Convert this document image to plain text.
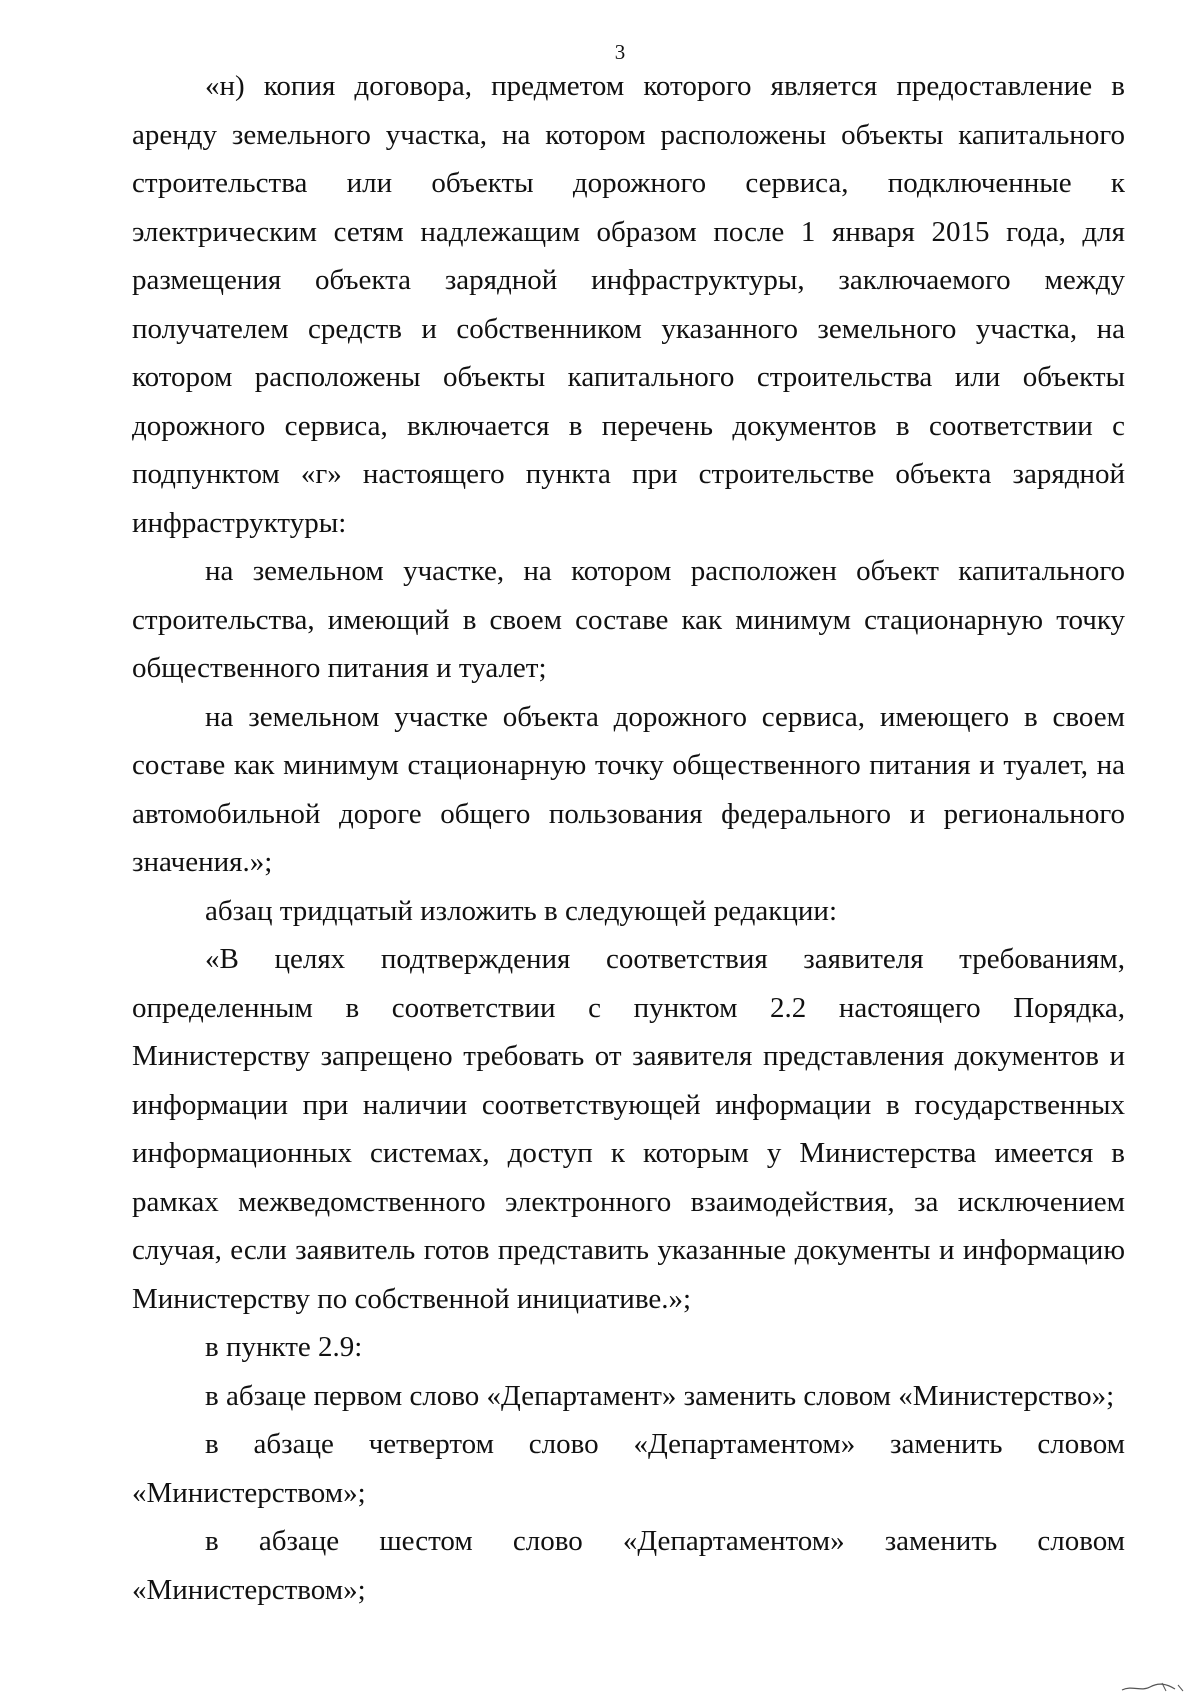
3

«н) копия договора, предметом которого является предоставление в аренду земельного участка, на котором расположены объекты капитального строительства или объекты дорожного сервиса, подключенные к электрическим сетям надлежащим образом после 1 января 2015 года, для размещения объекта зарядной инфраструктуры, заключаемого между получателем средств и собственником указанного земельного участка, на котором расположены объекты капитального строительства или объекты дорожного сервиса, включается в перечень документов в соответствии с подпунктом «г» настоящего пункта при строительстве объекта зарядной инфраструктуры:

на земельном участке, на котором расположен объект капитального строительства, имеющий в своем составе как минимум стационарную точку общественного питания и туалет;

на земельном участке объекта дорожного сервиса, имеющего в своем составе как минимум стационарную точку общественного питания и туалет, на автомобильной дороге общего пользования федерального и регионального значения.»;

абзац тридцатый изложить в следующей редакции:

«В целях подтверждения соответствия заявителя требованиям, определенным в соответствии с пунктом 2.2 настоящего Порядка, Министерству запрещено требовать от заявителя представления документов и информации при наличии соответствующей информации в государственных информационных системах, доступ к которым у Министерства имеется в рамках межведомственного электронного взаимодействия, за исключением случая, если заявитель готов представить указанные документы и информацию Министерству по собственной инициативе.»;

в пункте 2.9:

в абзаце первом слово «Департамент» заменить словом «Министерство»;

в абзаце четвертом слово «Департаментом» заменить словом «Министерством»;

в абзаце шестом слово «Департаментом» заменить словом «Министерством»;
